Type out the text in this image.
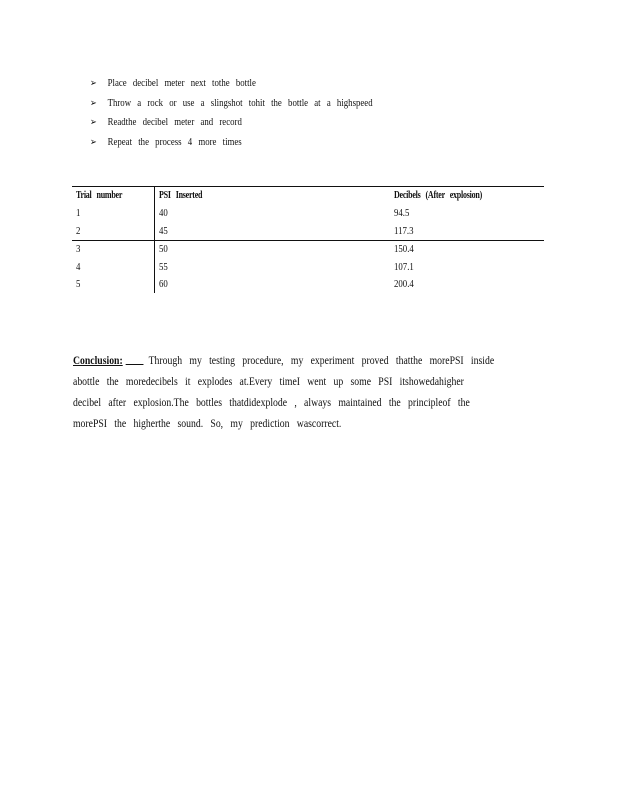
➢ Place decibel meter next tothe bottle
➢ Throw a rock or use a slingshot tohit the bottle at a highspeed
➢ Readthe decibel meter and record
➢ Repeat the process 4 more times
Trial number	PSI Inserted	Decibels (After explosion)
1	40	94.5
2	45	117.3
3	50	150.4
4	55	107.1
5	60	200.4

Conclusion: Through my testing procedure, my experiment proved thatthe morePSI inside
abottle the moredecibels it explodes at.Every timeI went up some PSI itshowedahigher
decibel after explosion.The bottles thatdidexplode , always maintained the principleof the
morePSI the higherthe sound. So, my prediction wascorrect.
